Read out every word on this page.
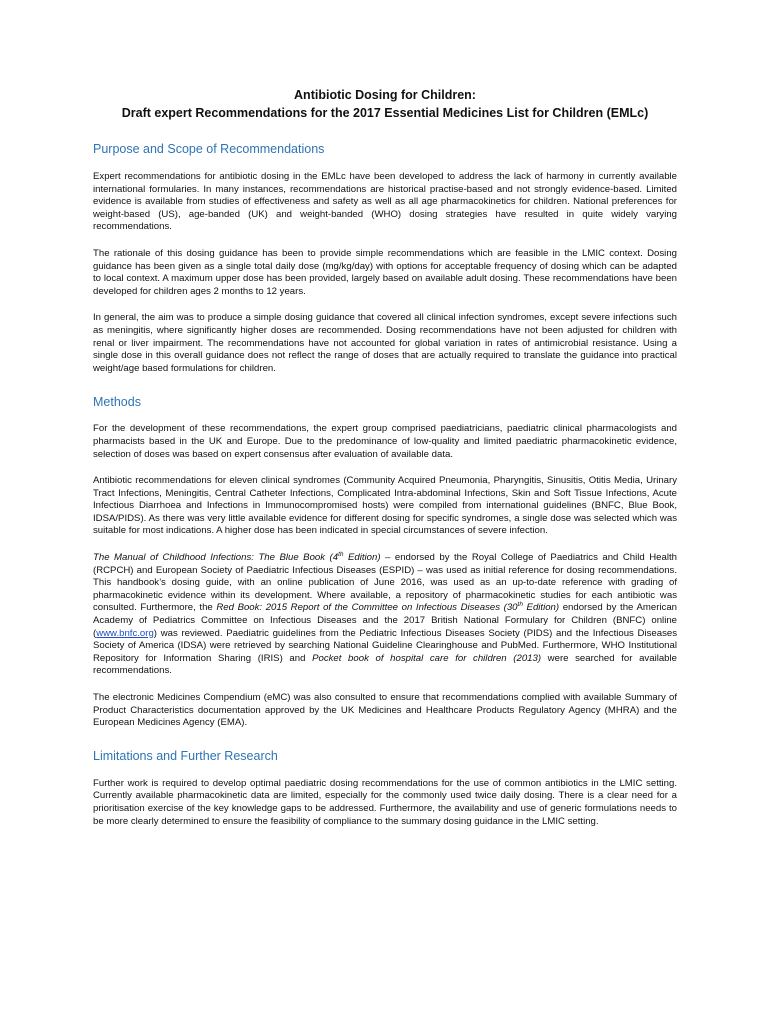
Antibiotic Dosing for Children:
Draft expert Recommendations for the 2017 Essential Medicines List for Children (EMLc)
Purpose and Scope of Recommendations

Expert recommendations for antibiotic dosing in the EMLc have been developed to address the lack of harmony in currently available international formularies. In many instances, recommendations are historical practise-based and not strongly evidence-based. Limited evidence is available from studies of effectiveness and safety as well as all age pharmacokinetics for children. National preferences for weight-based (US), age-banded (UK) and weight-banded (WHO) dosing strategies have resulted in quite widely varying recommendations.

The rationale of this dosing guidance has been to provide simple recommendations which are feasible in the LMIC context. Dosing guidance has been given as a single total daily dose (mg/kg/day) with options for acceptable frequency of dosing which can be adapted to local context. A maximum upper dose has been provided, largely based on available adult dosing. These recommendations have been developed for children ages 2 months to 12 years.

In general, the aim was to produce a simple dosing guidance that covered all clinical infection syndromes, except severe infections such as meningitis, where significantly higher doses are recommended. Dosing recommendations have not been adjusted for children with renal or liver impairment. The recommendations have not accounted for global variation in rates of antimicrobial resistance. Using a single dose in this overall guidance does not reflect the range of doses that are actually required to translate the guidance into practical weight/age based formulations for children.

Methods

For the development of these recommendations, the expert group comprised paediatricians, paediatric clinical pharmacologists and pharmacists based in the UK and Europe. Due to the predominance of low-quality and limited paediatric pharmacokinetic evidence, selection of doses was based on expert consensus after evaluation of available data.

Antibiotic recommendations for eleven clinical syndromes (Community Acquired Pneumonia, Pharyngitis, Sinusitis, Otitis Media, Urinary Tract Infections, Meningitis, Central Catheter Infections, Complicated Intra-abdominal Infections, Skin and Soft Tissue Infections, Acute Infectious Diarrhoea and Infections in Immunocompromised hosts) were compiled from international guidelines (BNFC, Blue Book, IDSA/PIDS). As there was very little available evidence for different dosing for specific syndromes, a single dose was selected which was suitable for most indications. A higher dose has been indicated in special circumstances of severe infection.

The Manual of Childhood Infections: The Blue Book (4th Edition) – endorsed by the Royal College of Paediatrics and Child Health (RCPCH) and European Society of Paediatric Infectious Diseases (ESPID) – was used as initial reference for dosing recommendations. This handbook’s dosing guide, with an online publication of June 2016, was used as an up-to-date reference with grading of pharmacokinetic evidence within its development. Where available, a repository of pharmacokinetic studies for each antibiotic was consulted. Furthermore, the Red Book: 2015 Report of the Committee on Infectious Diseases (30th Edition) endorsed by the American Academy of Pediatrics Committee on Infectious Diseases and the 2017 British National Formulary for Children (BNFC) online (www.bnfc.org) was reviewed. Paediatric guidelines from the Pediatric Infectious Diseases Society (PIDS) and the Infectious Diseases Society of America (IDSA) were retrieved by searching National Guideline Clearinghouse and PubMed. Furthermore, WHO Institutional Repository for Information Sharing (IRIS) and Pocket book of hospital care for children (2013) were searched for available recommendations.

The electronic Medicines Compendium (eMC) was also consulted to ensure that recommendations complied with available Summary of Product Characteristics documentation approved by the UK Medicines and Healthcare Products Regulatory Agency (MHRA) and the European Medicines Agency (EMA).

Limitations and Further Research

Further work is required to develop optimal paediatric dosing recommendations for the use of common antibiotics in the LMIC setting. Currently available pharmacokinetic data are limited, especially for the commonly used twice daily dosing. There is a clear need for a prioritisation exercise of the key knowledge gaps to be addressed. Furthermore, the availability and use of generic formulations needs to be more clearly determined to ensure the feasibility of compliance to the summary dosing guidance in the LMIC setting.
